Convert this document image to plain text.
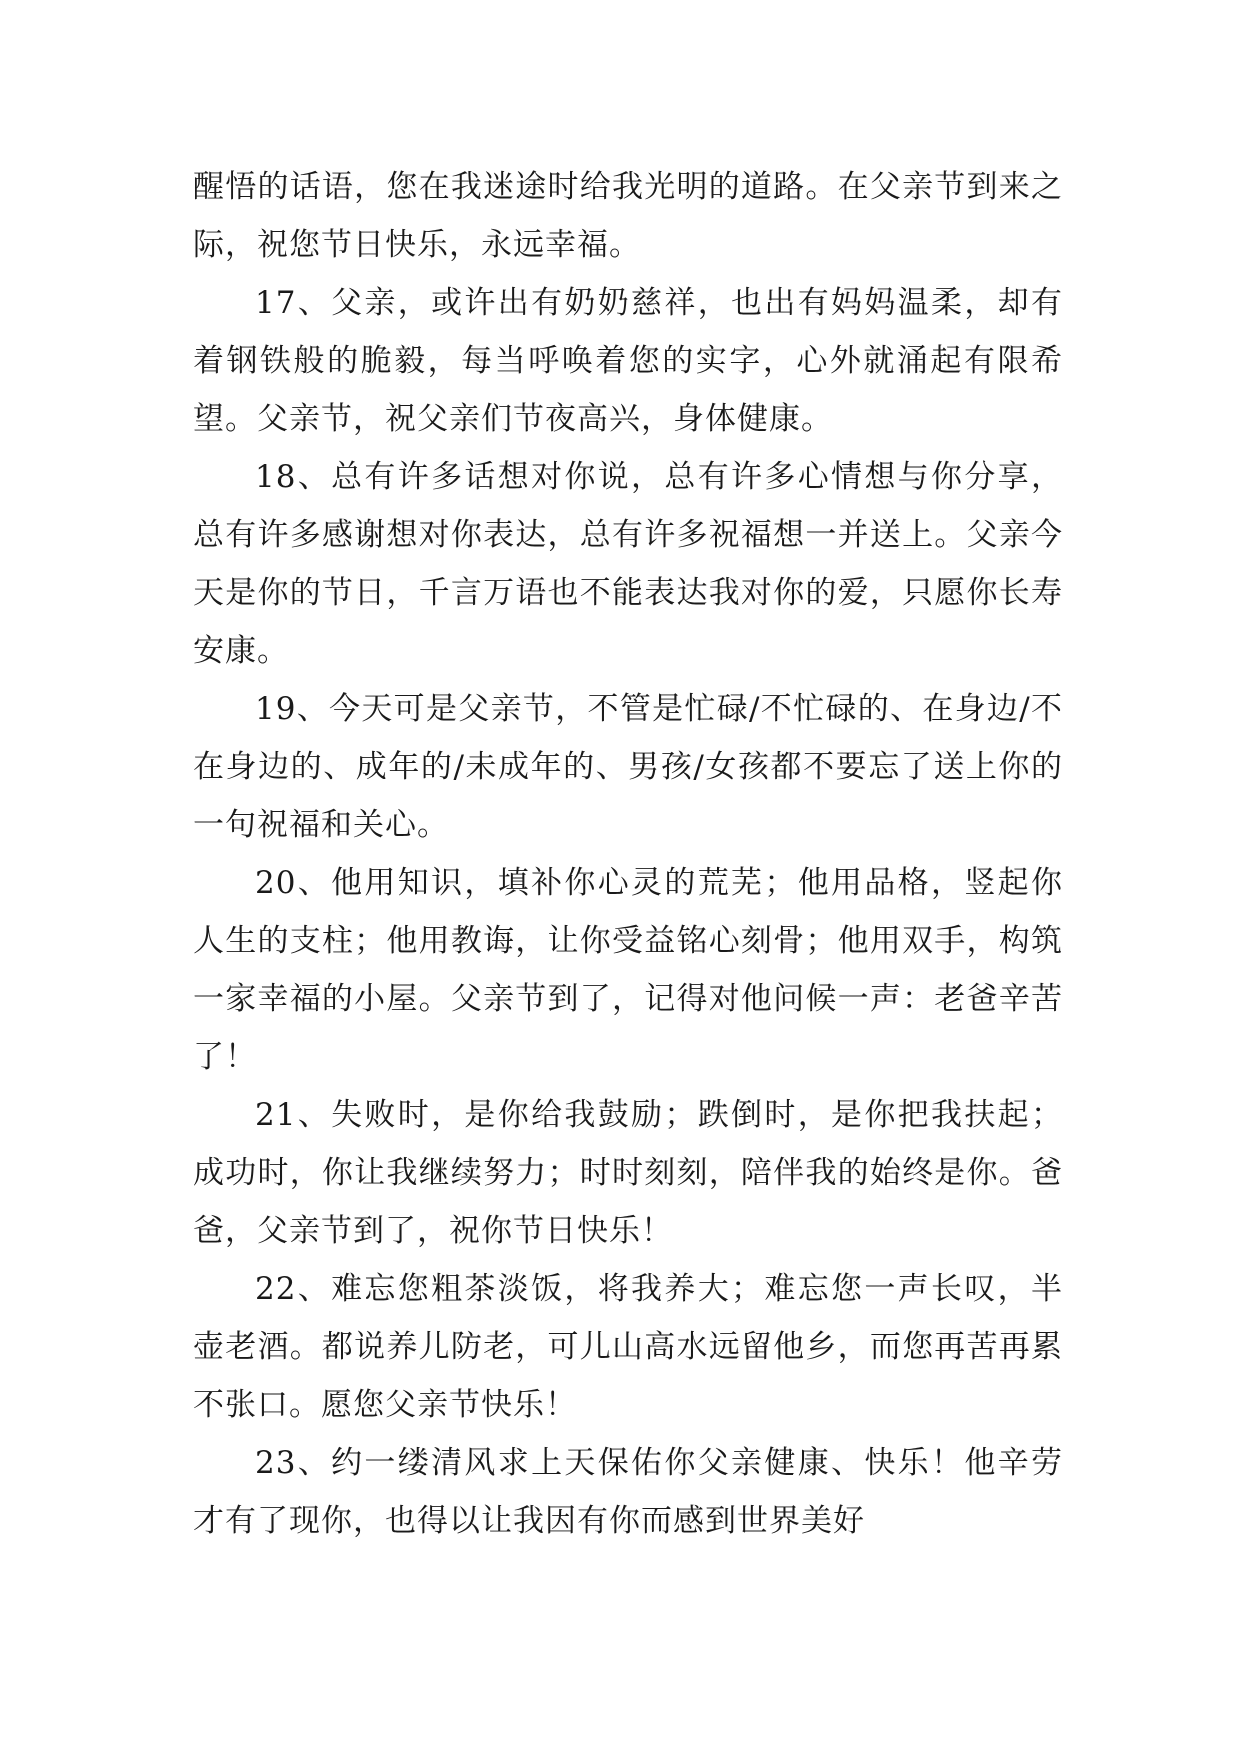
醒悟的话语，您在我迷途时给我光明的道路。在父亲节到来之际，祝您节日快乐，永远幸福。

17、父亲，或许出有奶奶慈祥，也出有妈妈温柔，却有着钢铁般的脆毅，每当呼唤着您的实字，心外就涌起有限希望。父亲节，祝父亲们节夜高兴，身体健康。

18、总有许多话想对你说，总有许多心情想与你分享，总有许多感谢想对你表达，总有许多祝福想一并送上。父亲今天是你的节日，千言万语也不能表达我对你的爱，只愿你长寿安康。

19、今天可是父亲节，不管是忙碌/不忙碌的、在身边/不在身边的、成年的/未成年的、男孩/女孩都不要忘了送上你的一句祝福和关心。

20、他用知识，填补你心灵的荒芜；他用品格，竖起你人生的支柱；他用教诲，让你受益铭心刻骨；他用双手，构筑一家幸福的小屋。父亲节到了，记得对他问候一声：老爸辛苦了！

21、失败时，是你给我鼓励；跌倒时，是你把我扶起；成功时，你让我继续努力；时时刻刻，陪伴我的始终是你。爸爸，父亲节到了，祝你节日快乐！

22、难忘您粗茶淡饭，将我养大；难忘您一声长叹，半壶老酒。都说养儿防老，可儿山高水远留他乡，而您再苦再累不张口。愿您父亲节快乐！

23、约一缕清风求上天保佑你父亲健康、快乐！他辛劳才有了现你，也得以让我因有你而感到世界美好
